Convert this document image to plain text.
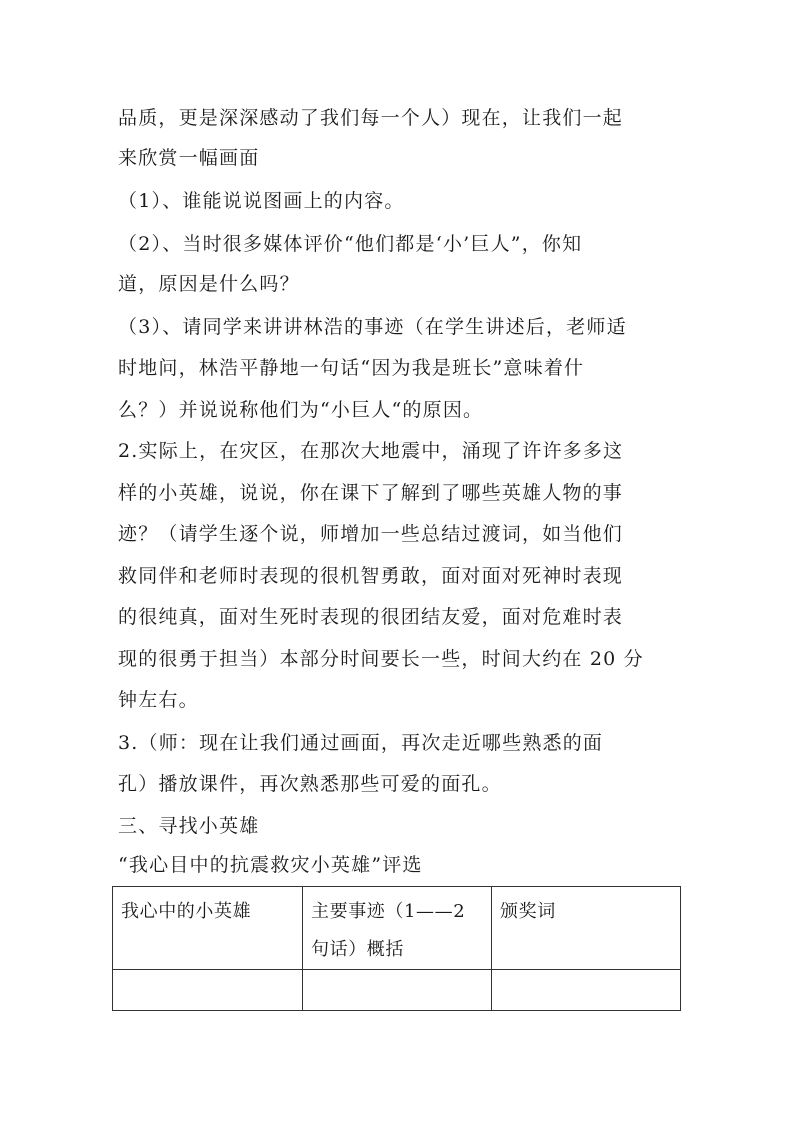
品质，更是深深感动了我们每一个人）现在，让我们一起

来欣赏一幅画面

（1）、谁能说说图画上的内容。

（2）、当时很多媒体评价“他们都是‘小’巨人”，你知

道，原因是什么吗？

（3）、请同学来讲讲林浩的事迹（在学生讲述后，老师适

时地问，林浩平静地一句话“因为我是班长”意味着什

么？）并说说称他们为“小巨人“的原因。

2.实际上，在灾区，在那次大地震中，涌现了许许多多这

样的小英雄，说说，你在课下了解到了哪些英雄人物的事

迹？（请学生逐个说，师增加一些总结过渡词，如当他们

救同伴和老师时表现的很机智勇敢，面对面对死神时表现

的很纯真，面对生死时表现的很团结友爱，面对危难时表

现的很勇于担当）本部分时间要长一些，时间大约在 20 分

钟左右。

3.（师：现在让我们通过画面，再次走近哪些熟悉的面

孔）播放课件，再次熟悉那些可爱的面孔。

三、寻找小英雄

“我心目中的抗震救灾小英雄”评选

我心中的小英雄	主要事迹（1——2 句话）概括	颁奖词
